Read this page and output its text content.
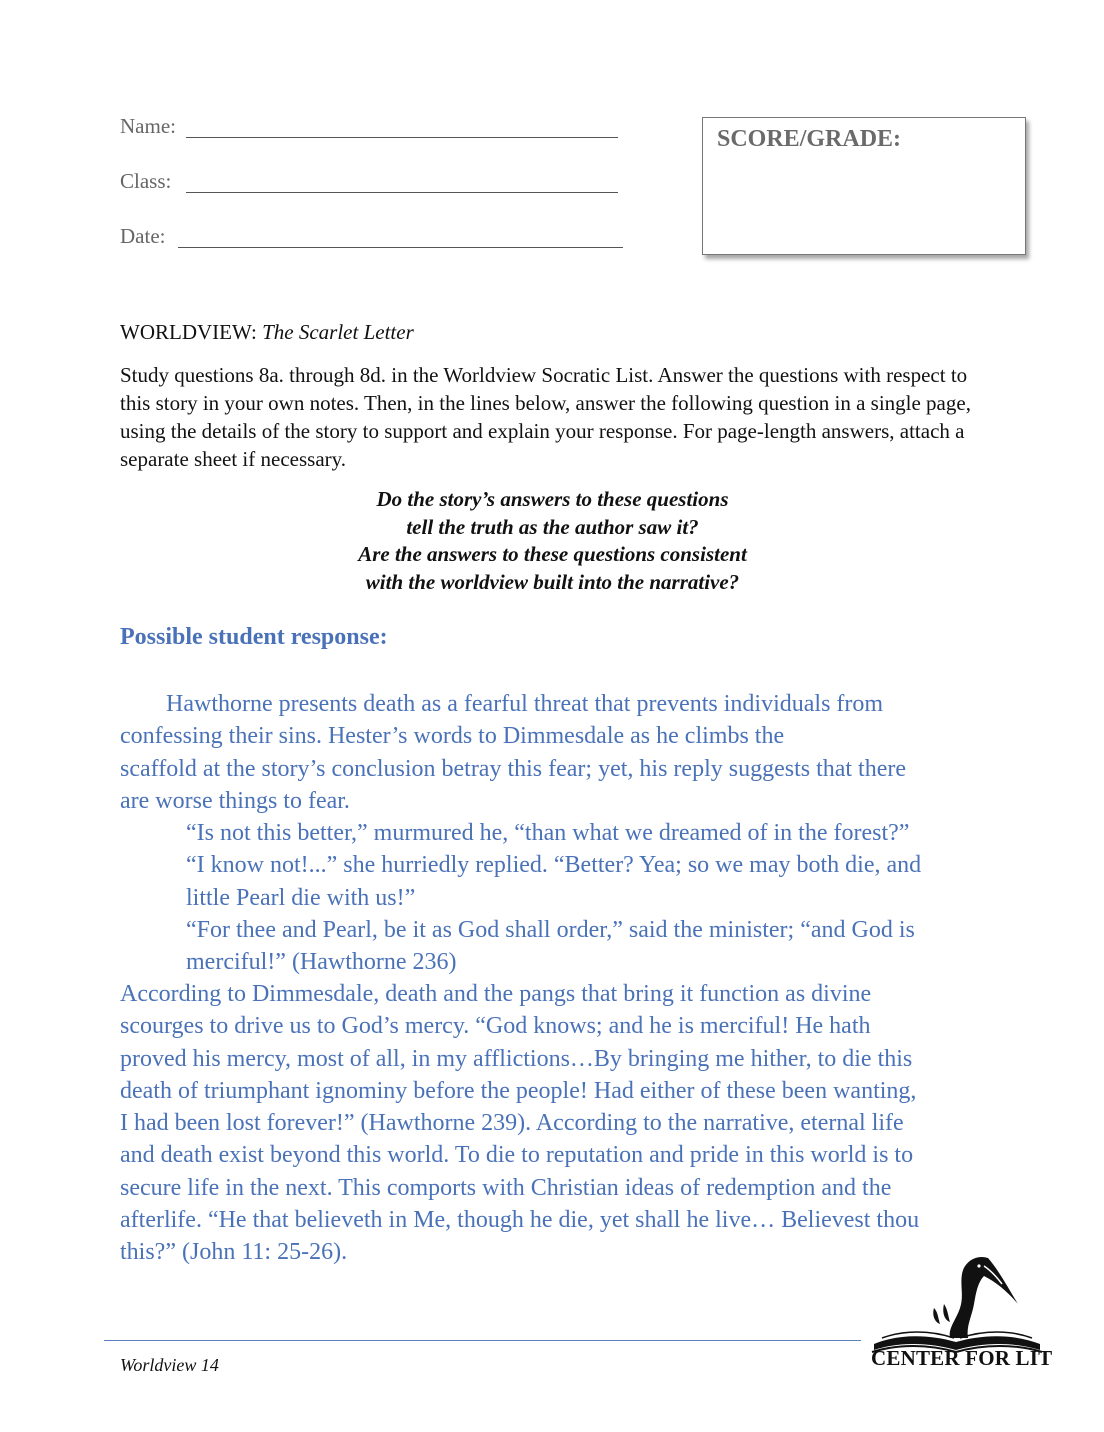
Name:
Class:
Date:
SCORE/GRADE:
WORLDVIEW: The Scarlet Letter
Study questions 8a. through 8d. in the Worldview Socratic List. Answer the questions with respect to this story in your own notes. Then, in the lines below, answer the following question in a single page, using the details of the story to support and explain your response. For page-length answers, attach a separate sheet if necessary.
Do the story’s answers to these questions
tell the truth as the author saw it?
Are the answers to these questions consistent
with the worldview built into the narrative?
Possible student response:

Hawthorne presents death as a fearful threat that prevents individuals from

confessing their sins. Hester’s words to Dimmesdale as he climbs the

scaffold at the story’s conclusion betray this fear; yet, his reply suggests that there

are worse things to fear.

“Is not this better,” murmured he, “than what we dreamed of in the forest?”

“I know not!...” she hurriedly replied. “Better? Yea; so we may both die, and

little Pearl die with us!”

“For thee and Pearl, be it as God shall order,” said the minister; “and God is

merciful!” (Hawthorne 236)

According to Dimmesdale, death and the pangs that bring it function as divine

scourges to drive us to God’s mercy. “God knows; and he is merciful! He hath

proved his mercy, most of all, in my afflictions…By bringing me hither, to die this

death of triumphant ignominy before the people! Had either of these been wanting,

I had been lost forever!” (Hawthorne 239). According to the narrative, eternal life

and death exist beyond this world. To die to reputation and pride in this world is to

secure life in the next. This comports with Christian ideas of redemption and the

afterlife. “He that believeth in Me, though he die, yet shall he live… Believest thou

this?” (John 11: 25-26).

Worldview 14	CENTER FOR LIT
